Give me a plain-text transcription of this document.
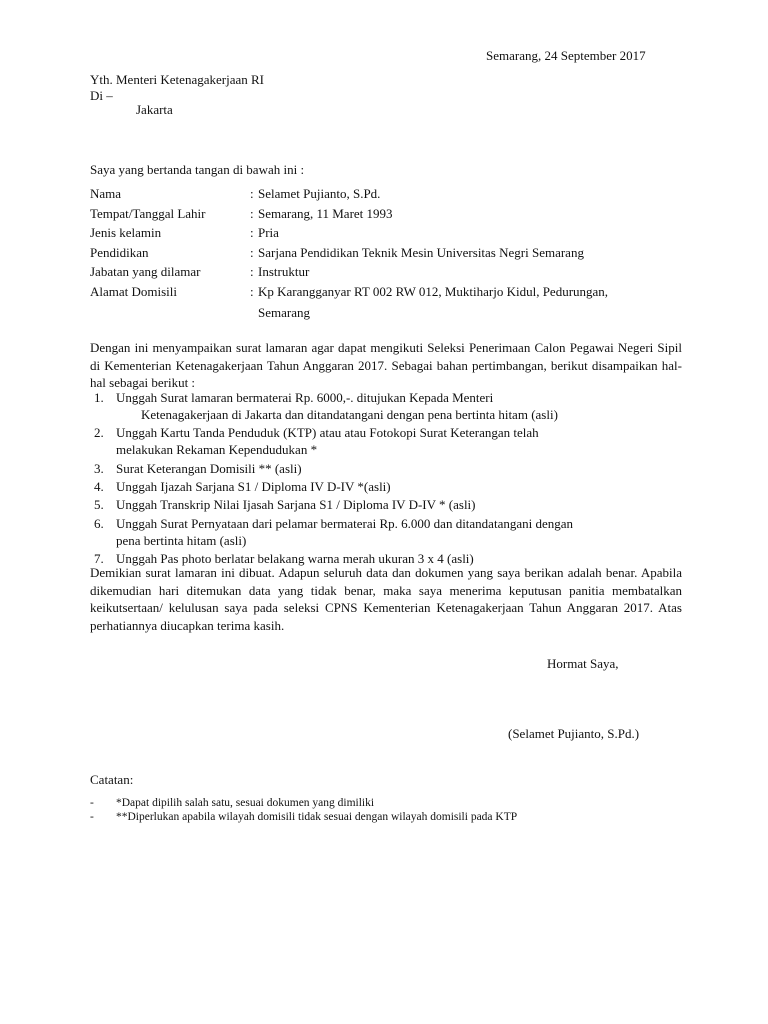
Semarang, 24 September 2017
Yth. Menteri Ketenagakerjaan RI
Di –
Jakarta
Saya yang bertanda tangan di bawah ini :
Nama	: Selamet Pujianto, S.Pd.
Tempat/Tanggal Lahir	: Semarang, 11 Maret 1993
Jenis kelamin	: Pria
Pendidikan	: Sarjana Pendidikan Teknik Mesin Universitas Negri Semarang
Jabatan yang dilamar	: Instruktur
Alamat Domisili	: Kp Karangganyar RT 002 RW 012, Muktiharjo Kidul, Pedurungan,
Semarang
Dengan ini menyampaikan surat lamaran agar dapat mengikuti Seleksi Penerimaan Calon Pegawai Negeri Sipil di Kementerian Ketenagakerjaan Tahun Anggaran 2017. Sebagai bahan pertimbangan, berikut disampaikan hal-hal sebagai berikut :
1. Unggah Surat lamaran bermaterai Rp. 6000,-. ditujukan Kepada Menteri
Ketenagakerjaan di Jakarta dan ditandatangani dengan pena bertinta hitam (asli)
2. Unggah Kartu Tanda Penduduk (KTP) atau atau Fotokopi Surat Keterangan telah
melakukan Rekaman Kependudukan *
3. Surat Keterangan Domisili ** (asli)
4. Unggah Ijazah Sarjana S1 / Diploma IV D-IV *(asli)
5. Unggah Transkrip Nilai Ijasah Sarjana S1 / Diploma IV D-IV * (asli)
6. Unggah Surat Pernyataan dari pelamar bermaterai Rp. 6.000 dan ditandatangani dengan
pena bertinta hitam (asli)
7. Unggah Pas photo berlatar belakang warna merah ukuran 3 x 4 (asli)
Demikian surat lamaran ini dibuat. Adapun seluruh data dan dokumen yang saya berikan adalah benar. Apabila dikemudian hari ditemukan data yang tidak benar, maka saya menerima keputusan panitia membatalkan keikutsertaan/ kelulusan saya pada seleksi CPNS Kementerian Ketenagakerjaan Tahun Anggaran 2017. Atas perhatiannya diucapkan terima kasih.
Hormat Saya,
(Selamet Pujianto, S.Pd.)
Catatan:
-	*Dapat dipilih salah satu, sesuai dokumen yang dimiliki
-	**Diperlukan apabila wilayah domisili tidak sesuai dengan wilayah domisili pada KTP
